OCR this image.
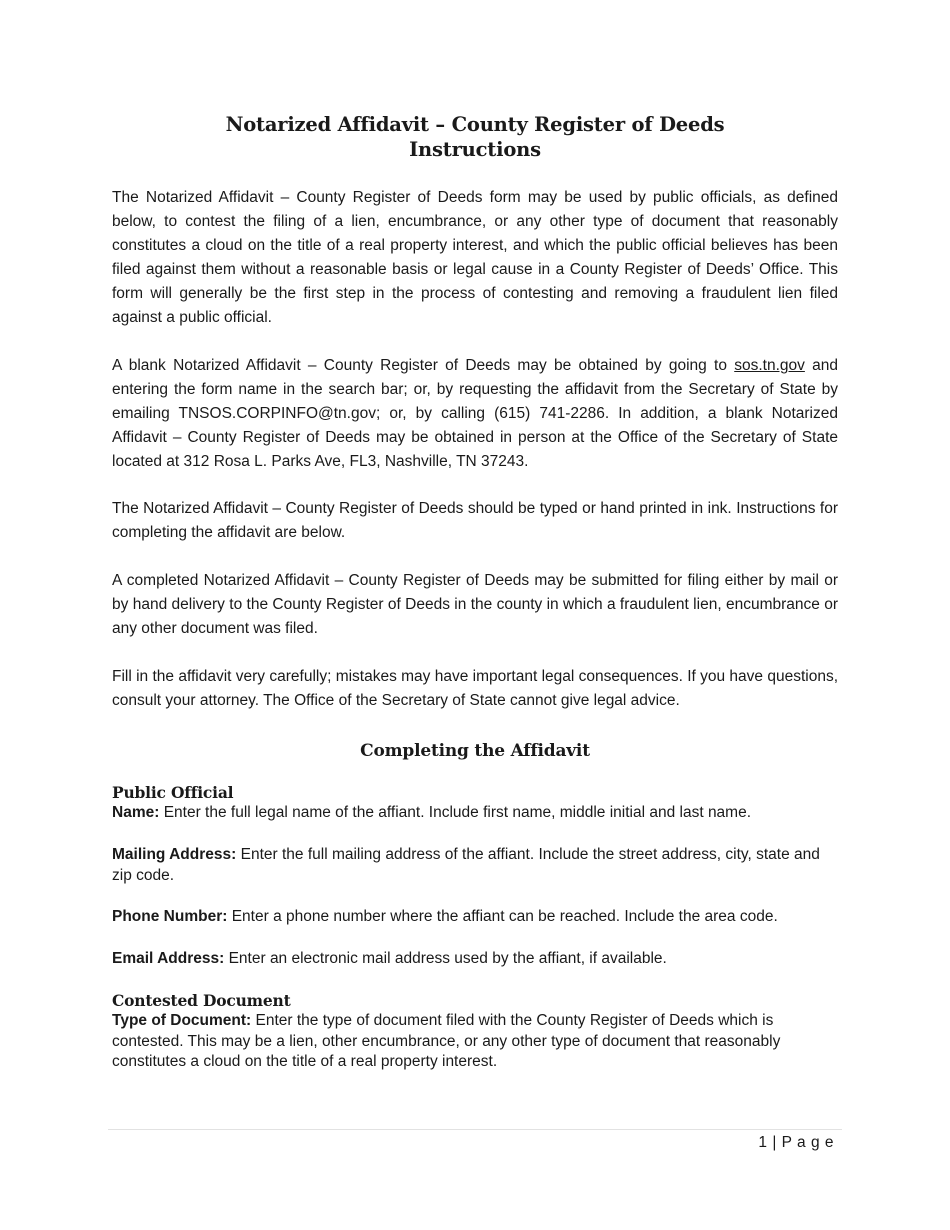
Notarized Affidavit – County Register of Deeds
Instructions
The Notarized Affidavit – County Register of Deeds form may be used by public officials, as defined below, to contest the filing of a lien, encumbrance, or any other type of document that reasonably constitutes a cloud on the title of a real property interest, and which the public official believes has been filed against them without a reasonable basis or legal cause in a County Register of Deeds’ Office. This form will generally be the first step in the process of contesting and removing a fraudulent lien filed against a public official.
A blank Notarized Affidavit – County Register of Deeds may be obtained by going to sos.tn.gov and entering the form name in the search bar; or, by requesting the affidavit from the Secretary of State by emailing TNSOS.CORPINFO@tn.gov; or, by calling (615) 741-2286. In addition, a blank Notarized Affidavit – County Register of Deeds may be obtained in person at the Office of the Secretary of State located at 312 Rosa L. Parks Ave, FL3, Nashville, TN 37243.
The Notarized Affidavit – County Register of Deeds should be typed or hand printed in ink. Instructions for completing the affidavit are below.
A completed Notarized Affidavit – County Register of Deeds may be submitted for filing either by mail or by hand delivery to the County Register of Deeds in the county in which a fraudulent lien, encumbrance or any other document was filed.
Fill in the affidavit very carefully; mistakes may have important legal consequences. If you have questions, consult your attorney. The Office of the Secretary of State cannot give legal advice.
Completing the Affidavit
Public Official
Name: Enter the full legal name of the affiant. Include first name, middle initial and last name.
Mailing Address: Enter the full mailing address of the affiant. Include the street address, city, state and zip code.
Phone Number: Enter a phone number where the affiant can be reached. Include the area code.
Email Address: Enter an electronic mail address used by the affiant, if available.
Contested Document
Type of Document: Enter the type of document filed with the County Register of Deeds which is contested. This may be a lien, other encumbrance, or any other type of document that reasonably constitutes a cloud on the title of a real property interest.
1 | P a g e
